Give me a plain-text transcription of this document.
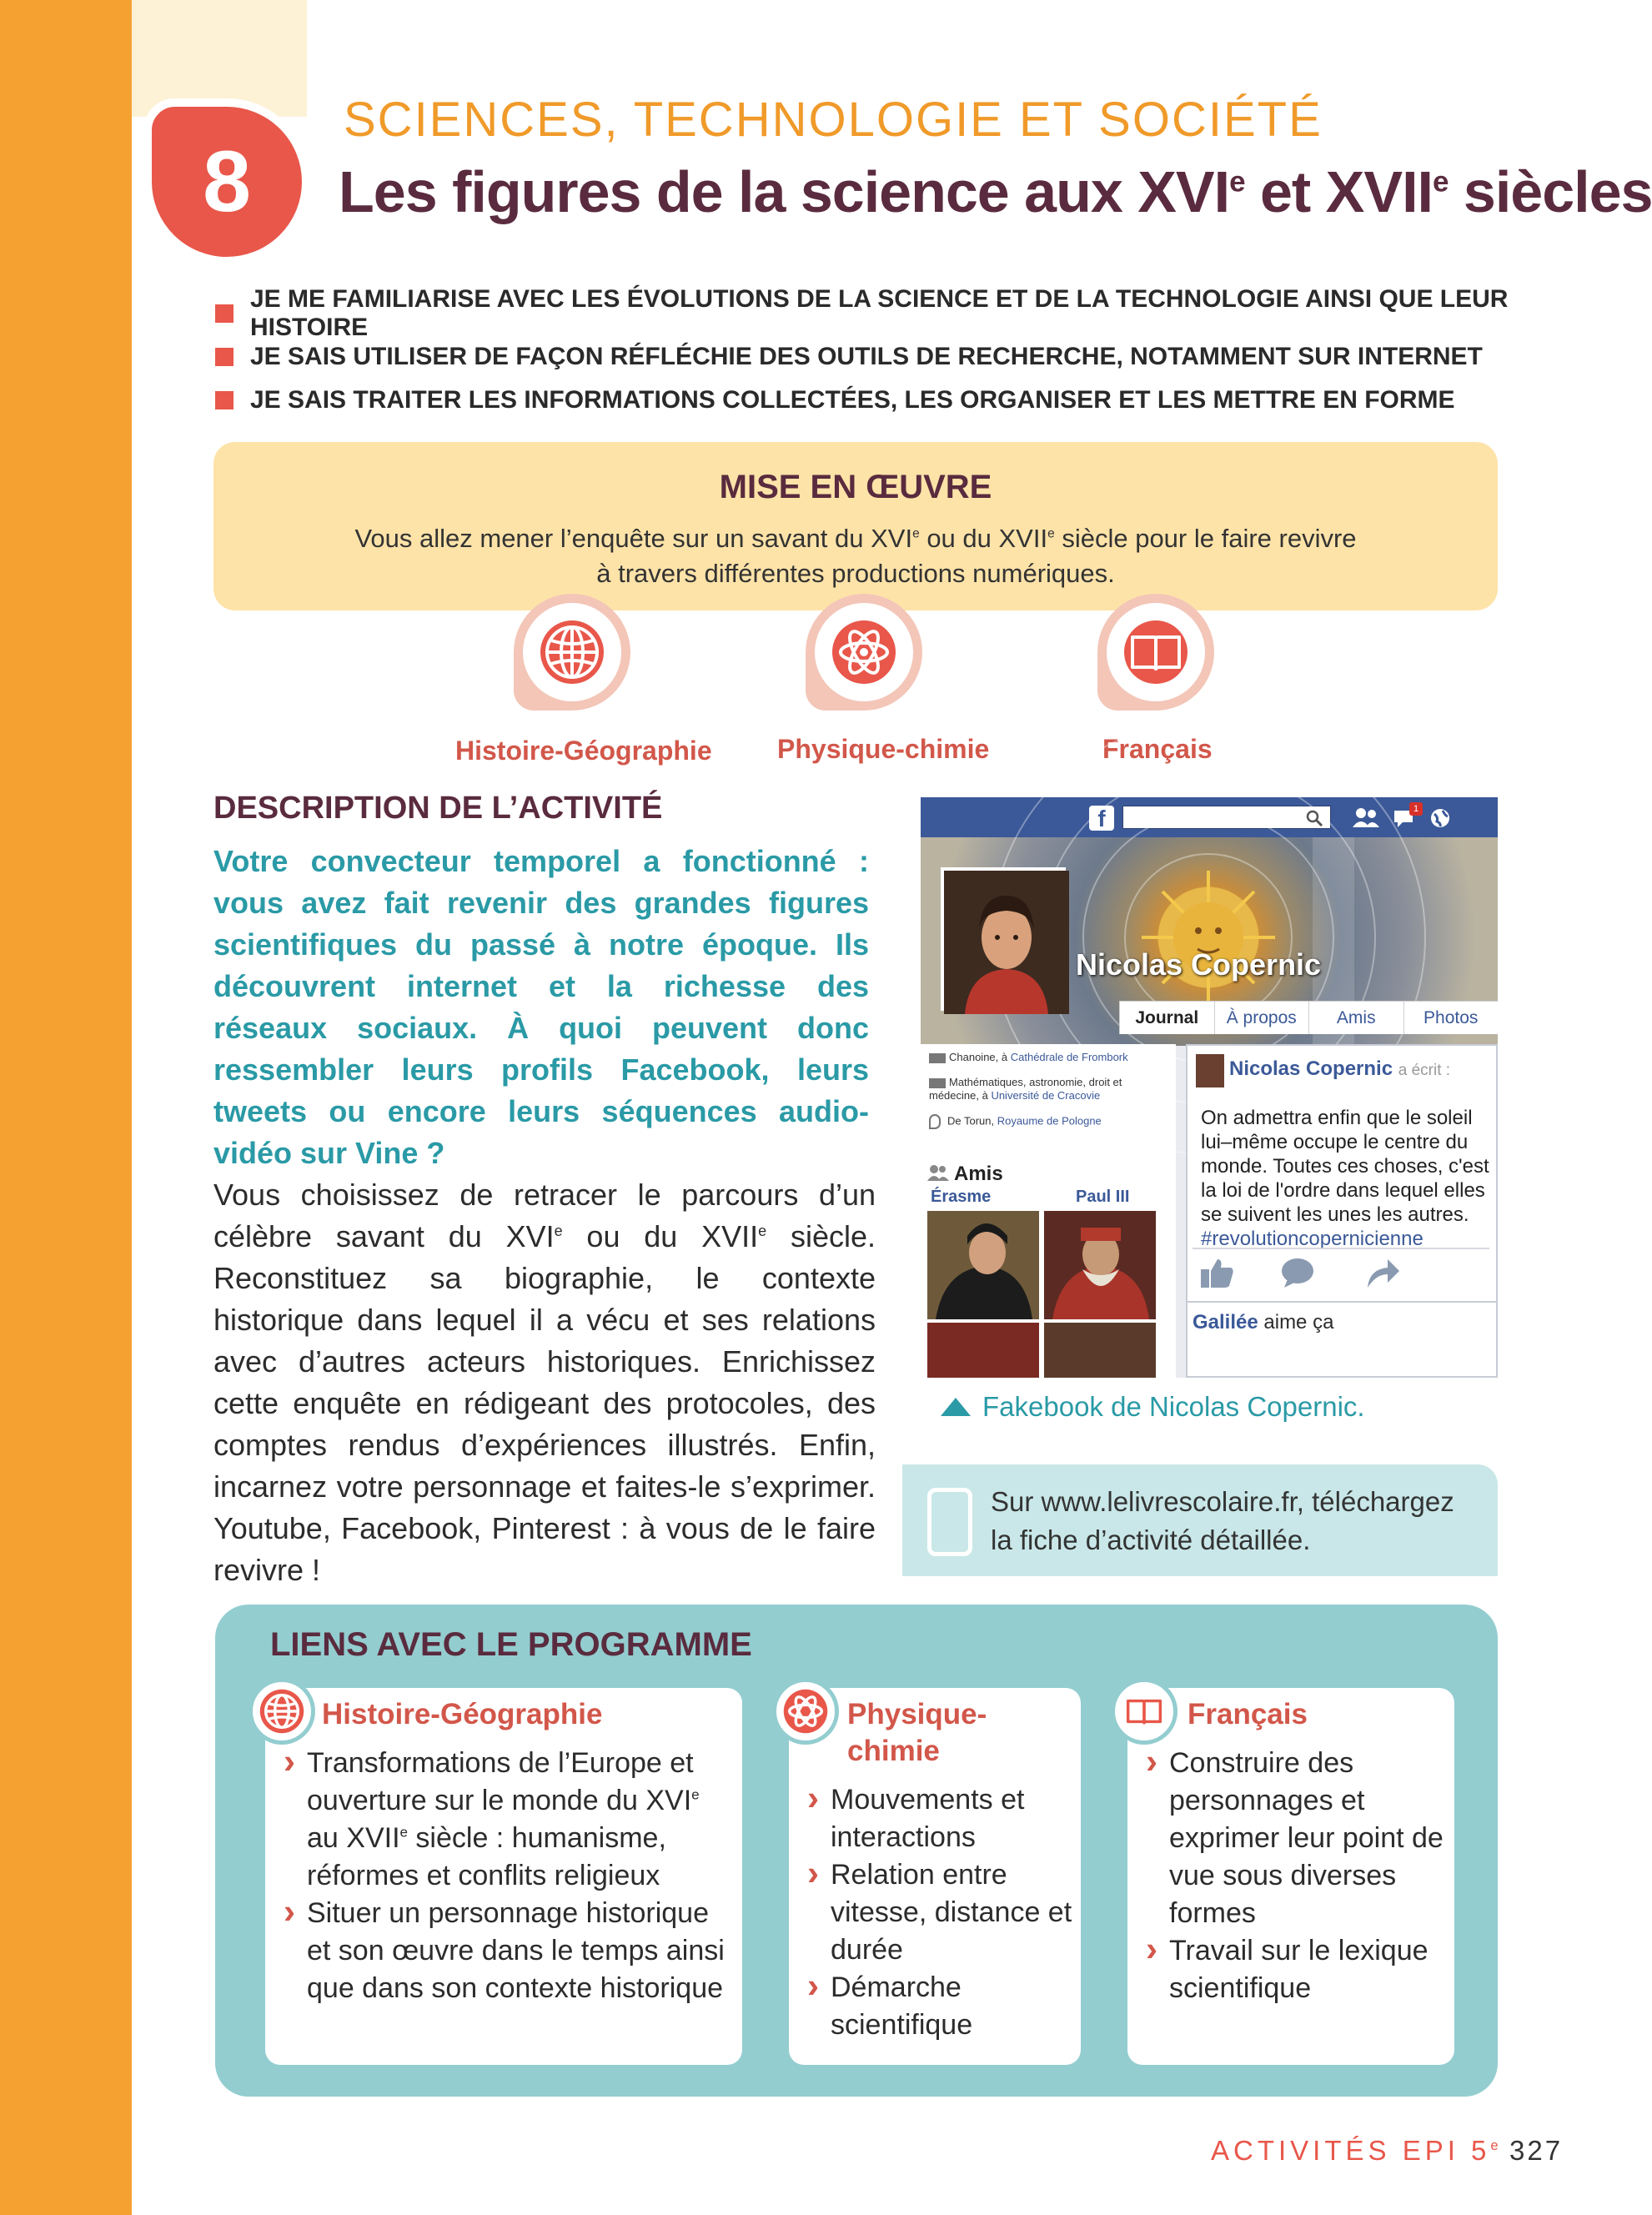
8
SCIENCES, TECHNOLOGIE ET SOCIÉTÉ
Les figures de la science aux XVIe et XVIIe siècles
JE ME FAMILIARISE AVEC LES ÉVOLUTIONS DE LA SCIENCE ET DE LA TECHNOLOGIE AINSI QUE LEUR HISTOIRE
JE SAIS UTILISER DE FAÇON RÉFLÉCHIE DES OUTILS DE RECHERCHE, NOTAMMENT SUR INTERNET
JE SAIS TRAITER LES INFORMATIONS COLLECTÉES, LES ORGANISER ET LES METTRE EN FORME
MISE EN ŒUVRE
Vous allez mener l’enquête sur un savant du XVIe ou du XVIIe siècle pour le faire revivre
à travers différentes productions numériques.
Histoire-Géographie Physique-chimie	Français
DESCRIPTION DE L’ACTIVITÉ
Votre convecteur temporel a fonctionné : vous avez fait revenir des grandes figures scientifiques du passé à notre époque. Ils découvrent internet et la richesse des réseaux sociaux. À quoi peuvent donc ressembler leurs profils Facebook, leurs tweets ou encore leurs séquences audio-vidéo sur Vine ?
Vous choisissez de retracer le parcours d’un célèbre savant du XVIe ou du XVIIe siècle. Reconstituez sa biographie, le contexte historique dans lequel il a vécu et ses relations avec d’autres acteurs historiques. Enrichissez cette enquête en rédigeant des protocoles, des comptes rendus d’expériences illustrés. Enfin, incarnez votre personnage et faites-le s’exprimer. Youtube, Facebook, Pinterest : à vous de le faire revivre !
f	1
Nicolas Copernic
Journal	À propos	Amis	Photos
Chanoine, à Cathédrale de Frombork
Mathématiques, astronomie, droit et médecine, à Université de Cracovie
De Torun, Royaume de Pologne
Amis
Érasme	Paul III
Nicolas Copernic a écrit :
On admettra enfin que le soleil lui–même occupe le centre du monde. Toutes ces choses, c'est la loi de l'ordre dans lequel elles se suivent les unes les autres.
#revolutioncopernicienne
Galilée aime ça
Fakebook de Nicolas Copernic.
Sur www.lelivrescolaire.fr, téléchargez
la fiche d’activité détaillée.
LIENS AVEC LE PROGRAMME
Histoire-Géographie
› Transformations de l’Europe et ouverture sur le monde du XVIe au XVIIe siècle : humanisme, réformes et conflits religieux
› Situer un personnage historique et son œuvre dans le temps ainsi que dans son contexte historique
Physique-
chimie
› Mouvements et interactions
› Relation entre vitesse, distance et durée
› Démarche scientifique
Français
› Construire des personnages et exprimer leur point de vue sous diverses formes
› Travail sur le lexique scientifique
ACTIVITÉS EPI 5e 327
